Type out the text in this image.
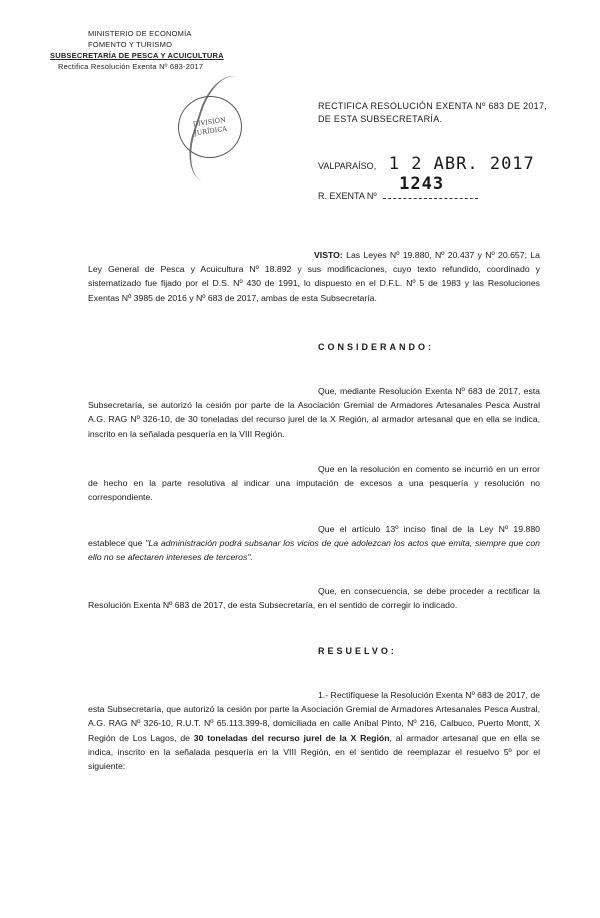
MINISTERIO DE ECONOMÍA
FOMENTO Y TURISMO
SUBSECRETARÍA DE PESCA Y ACUICULTURA
Rectifica Resolución Exenta Nº 683-2017
DIVISIÓN
JURÍDICA
RECTIFICA RESOLUCIÓN EXENTA Nº 683 DE 2017,
DE ESTA SUBSECRETARÍA.
VALPARAÍSO, 1 2 ABR. 2017
R. EXENTA Nº
1243
VISTO: Las Leyes Nº 19.880, Nº 20.437 y Nº 20.657; La Ley General de Pesca y Acuicultura Nº 18.892 y sus modificaciones, cuyo texto refundido, coordinado y sistematizado fue fijado por el D.S. Nº 430 de 1991, lo dispuesto en el D.F.L. Nº 5 de 1983 y las Resoluciones Exentas Nº 3985 de 2016 y Nº 683 de 2017, ambas de esta Subsecretaría.
CONSIDERANDO:
Que, mediante Resolución Exenta Nº 683 de 2017, esta Subsecretaría, se autorizó la cesión por parte de la Asociación Gremial de Armadores Artesanales Pesca Austral A.G. RAG Nº 326-10, de 30 toneladas del recurso jurel de la X Región, al armador artesanal que en ella se indica, inscrito en la señalada pesquería en la VIII Región.
Que en la resolución en comento se incurrió en un error de hecho en la parte resolutiva al indicar una imputación de excesos a una pesquería y resolución no correspondiente.
Que el artículo 13º inciso final de la Ley Nº 19.880 establece que "La administración podrá subsanar los vicios de que adolezcan los actos que emita, siempre que con ello no se afectaren intereses de terceros".
Que, en consecuencia, se debe proceder a rectificar la Resolución Exenta Nº 683 de 2017, de esta Subsecretaría, en el sentido de corregir lo indicado.
RESUELVO:
1.- Rectifíquese la Resolución Exenta Nº 683 de 2017, de esta Subsecretaría, que autorizó la cesión por parte la Asociación Gremial de Armadores Artesanales Pesca Austral, A.G. RAG Nº 326-10, R.U.T. Nº 65.113.399-8, domiciliada en calle Aníbal Pinto, Nº 216, Calbuco, Puerto Montt, X Región de Los Lagos, de 30 toneladas del recurso jurel de la X Región, al armador artesanal que en ella se indica, inscrito en la señalada pesquería en la VIII Región, en el sentido de reemplazar el resuelvo 5º por el siguiente:
